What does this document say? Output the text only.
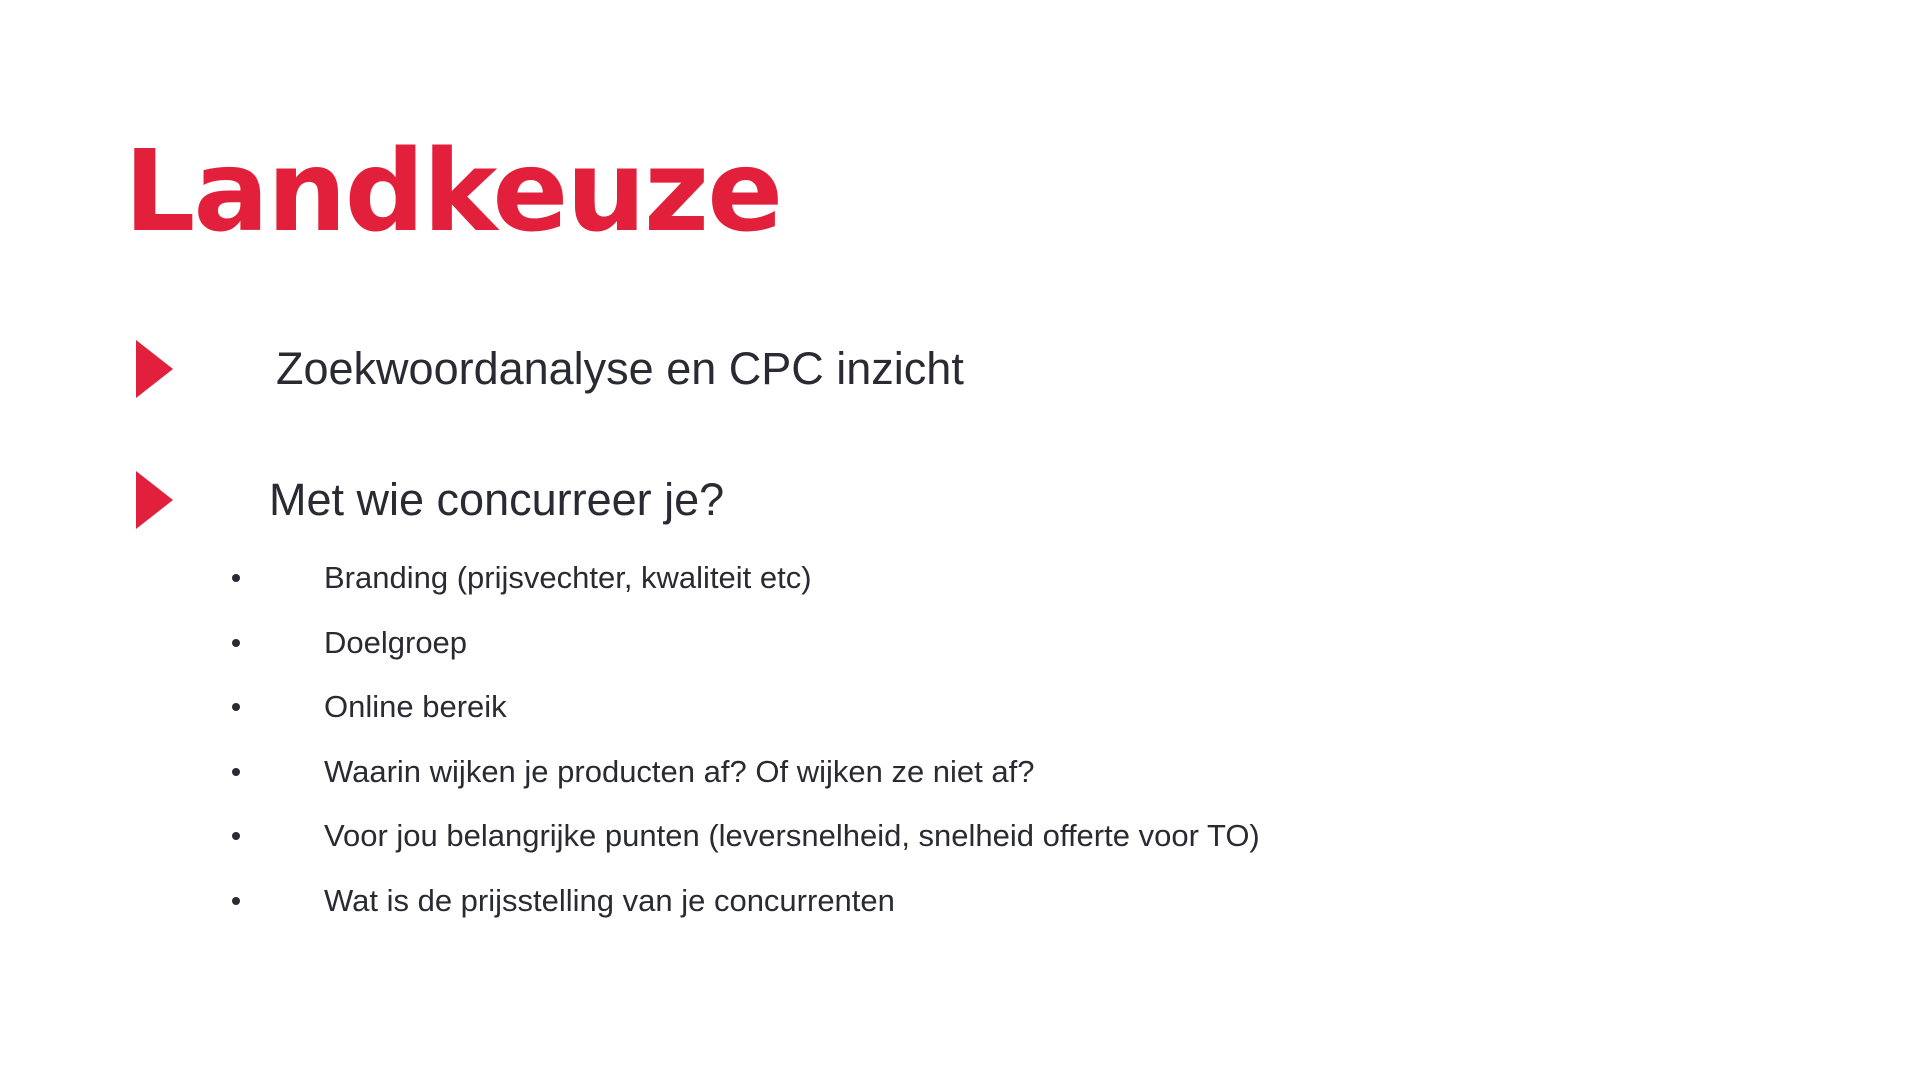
Landkeuze
Zoekwoordanalyse en CPC inzicht
Met wie concurreer je?
Branding (prijsvechter, kwaliteit etc)
Doelgroep
Online bereik
Waarin wijken je producten af? Of wijken ze niet af?
Voor jou belangrijke punten (leversnelheid, snelheid offerte voor TO)
Wat is de prijsstelling van je concurrenten
